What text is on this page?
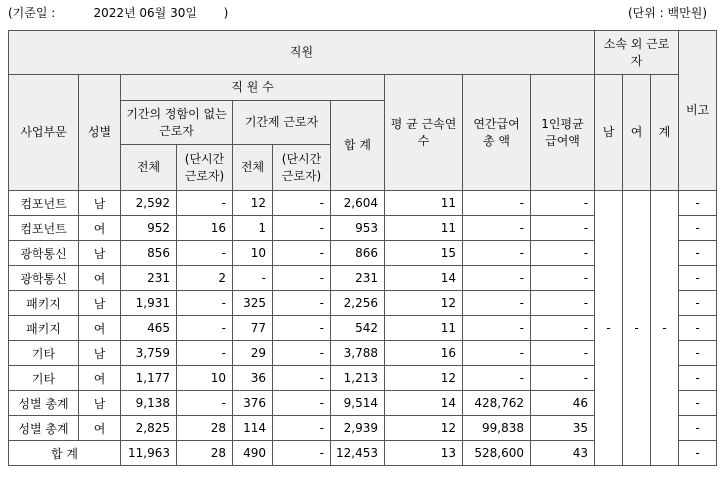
(기준일 :          2022년 06월 30일       )	(단위 : 백만원)
직원										소속 외 근로자			비고
사업부문	성별	직 원 수					평 균 근속연수	연간급여 총 액	1인평균 급여액	남	여	계	
		기간의 정함이 없는 근로자		기간제 근로자		합 계							
		전체	(단시간 근로자)	전체	(단시간 근로자)								
컴포넌트	남	2,592	-	12	-	2,604	11	-	-	-	-	-	-
컴포넌트	여	952	16	1	-	953	11	-	-				-
광학통신	남	856	-	10	-	866	15	-	-				-
광학통신	여	231	2	-	-	231	14	-	-				-
패키지	남	1,931	-	325	-	2,256	12	-	-				-
패키지	여	465	-	77	-	542	11	-	-				-
기타	남	3,759	-	29	-	3,788	16	-	-				-
기타	여	1,177	10	36	-	1,213	12	-	-				-
성별 총계	남	9,138	-	376	-	9,514	14	428,762	46				-
성별 총계	여	2,825	28	114	-	2,939	12	99,838	35				-
합 계		11,963	28	490	-	12,453	13	528,600	43				-
